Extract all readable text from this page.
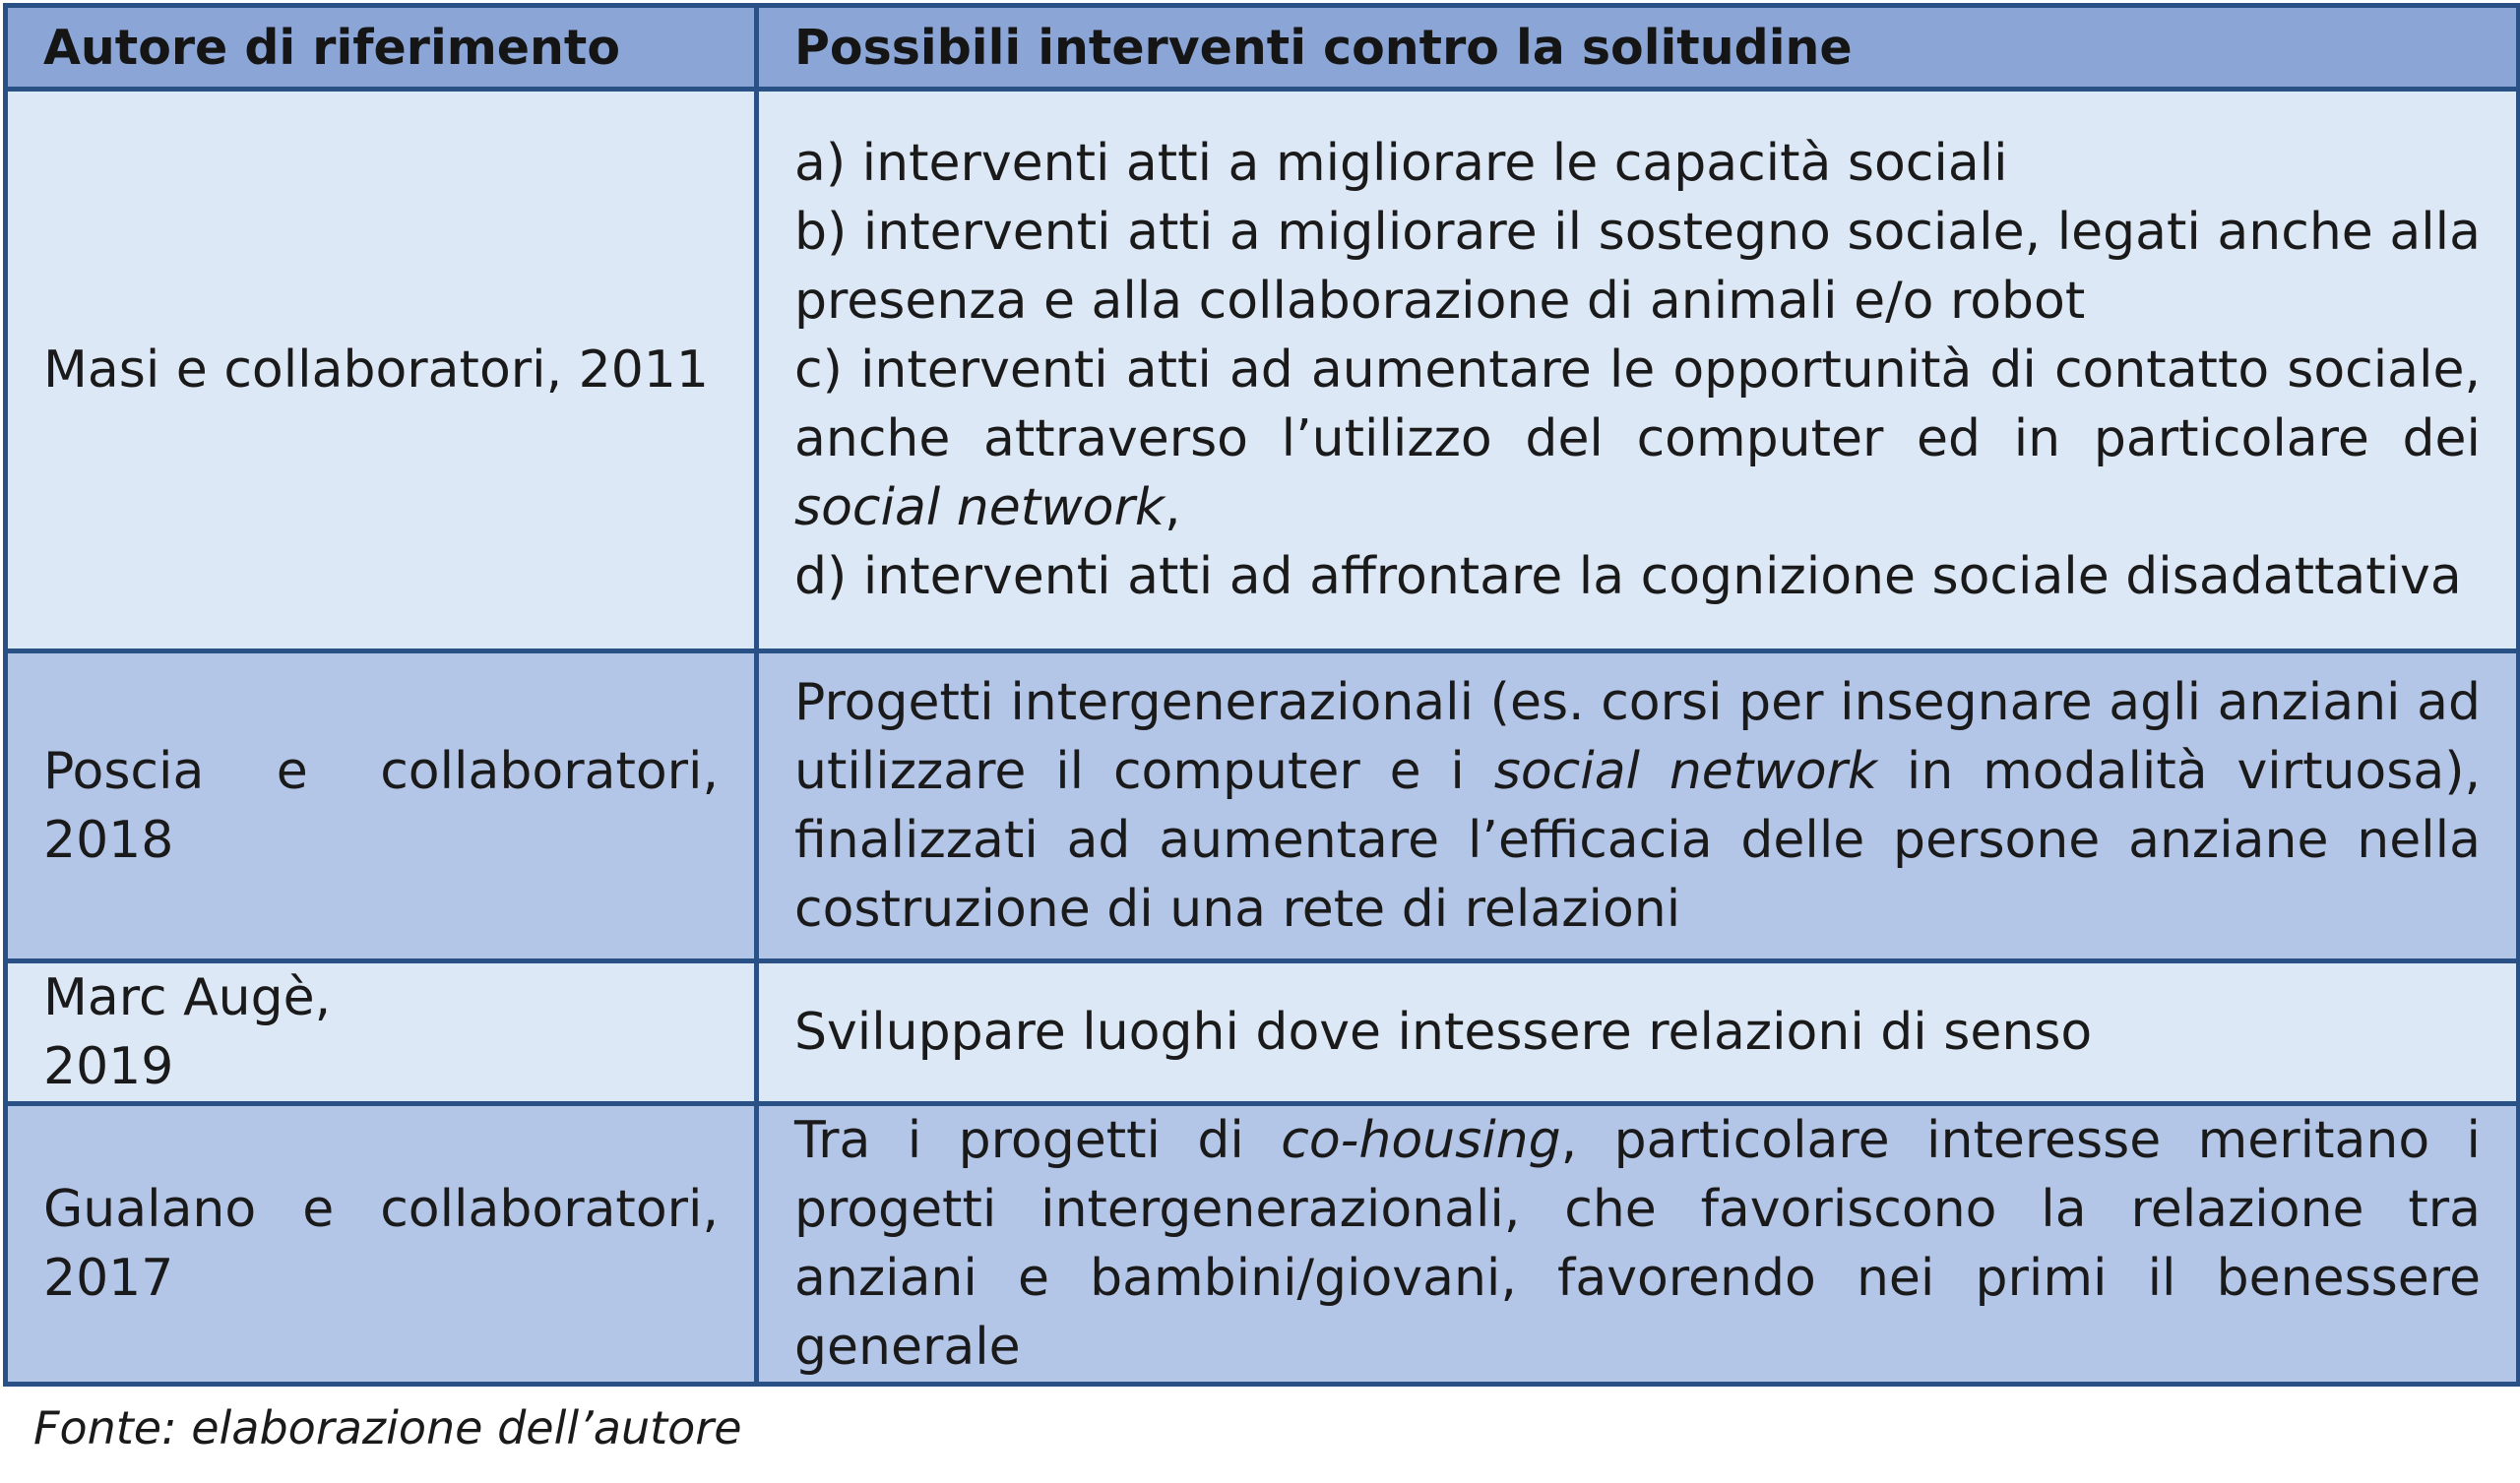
Autore di riferimento	Possibili interventi contro la solitudine
Masi e collaboratori, 2011	a) interventi atti a migliorare le capacità sociali
b) interventi atti a migliorare il sostegno sociale, legati anche alla presenza e alla collaborazione di animali e/o robot
c) interventi atti ad aumentare le opportunità di contatto sociale, anche attraverso l’utilizzo del computer ed in particolare dei social network,
d) interventi atti ad affrontare la cognizione sociale disadattativa

Poscia e collaboratori, 2018	Progetti intergenerazionali (es. corsi per insegnare agli anziani ad utilizzare il computer e i social network in modalità virtuosa), finalizzati ad aumentare l’efficacia delle persone anziane nella costruzione di una rete di relazioni

Marc Augè,
2019	Sviluppare luoghi dove intessere relazioni di senso
Gualano e collaboratori, 2017	Tra i progetti di co-housing, particolare interesse meritano i progetti intergenerazionali, che favoriscono la relazione tra anziani e bambini/giovani, favorendo nei primi il benessere generale
Fonte: elaborazione dell’autore
